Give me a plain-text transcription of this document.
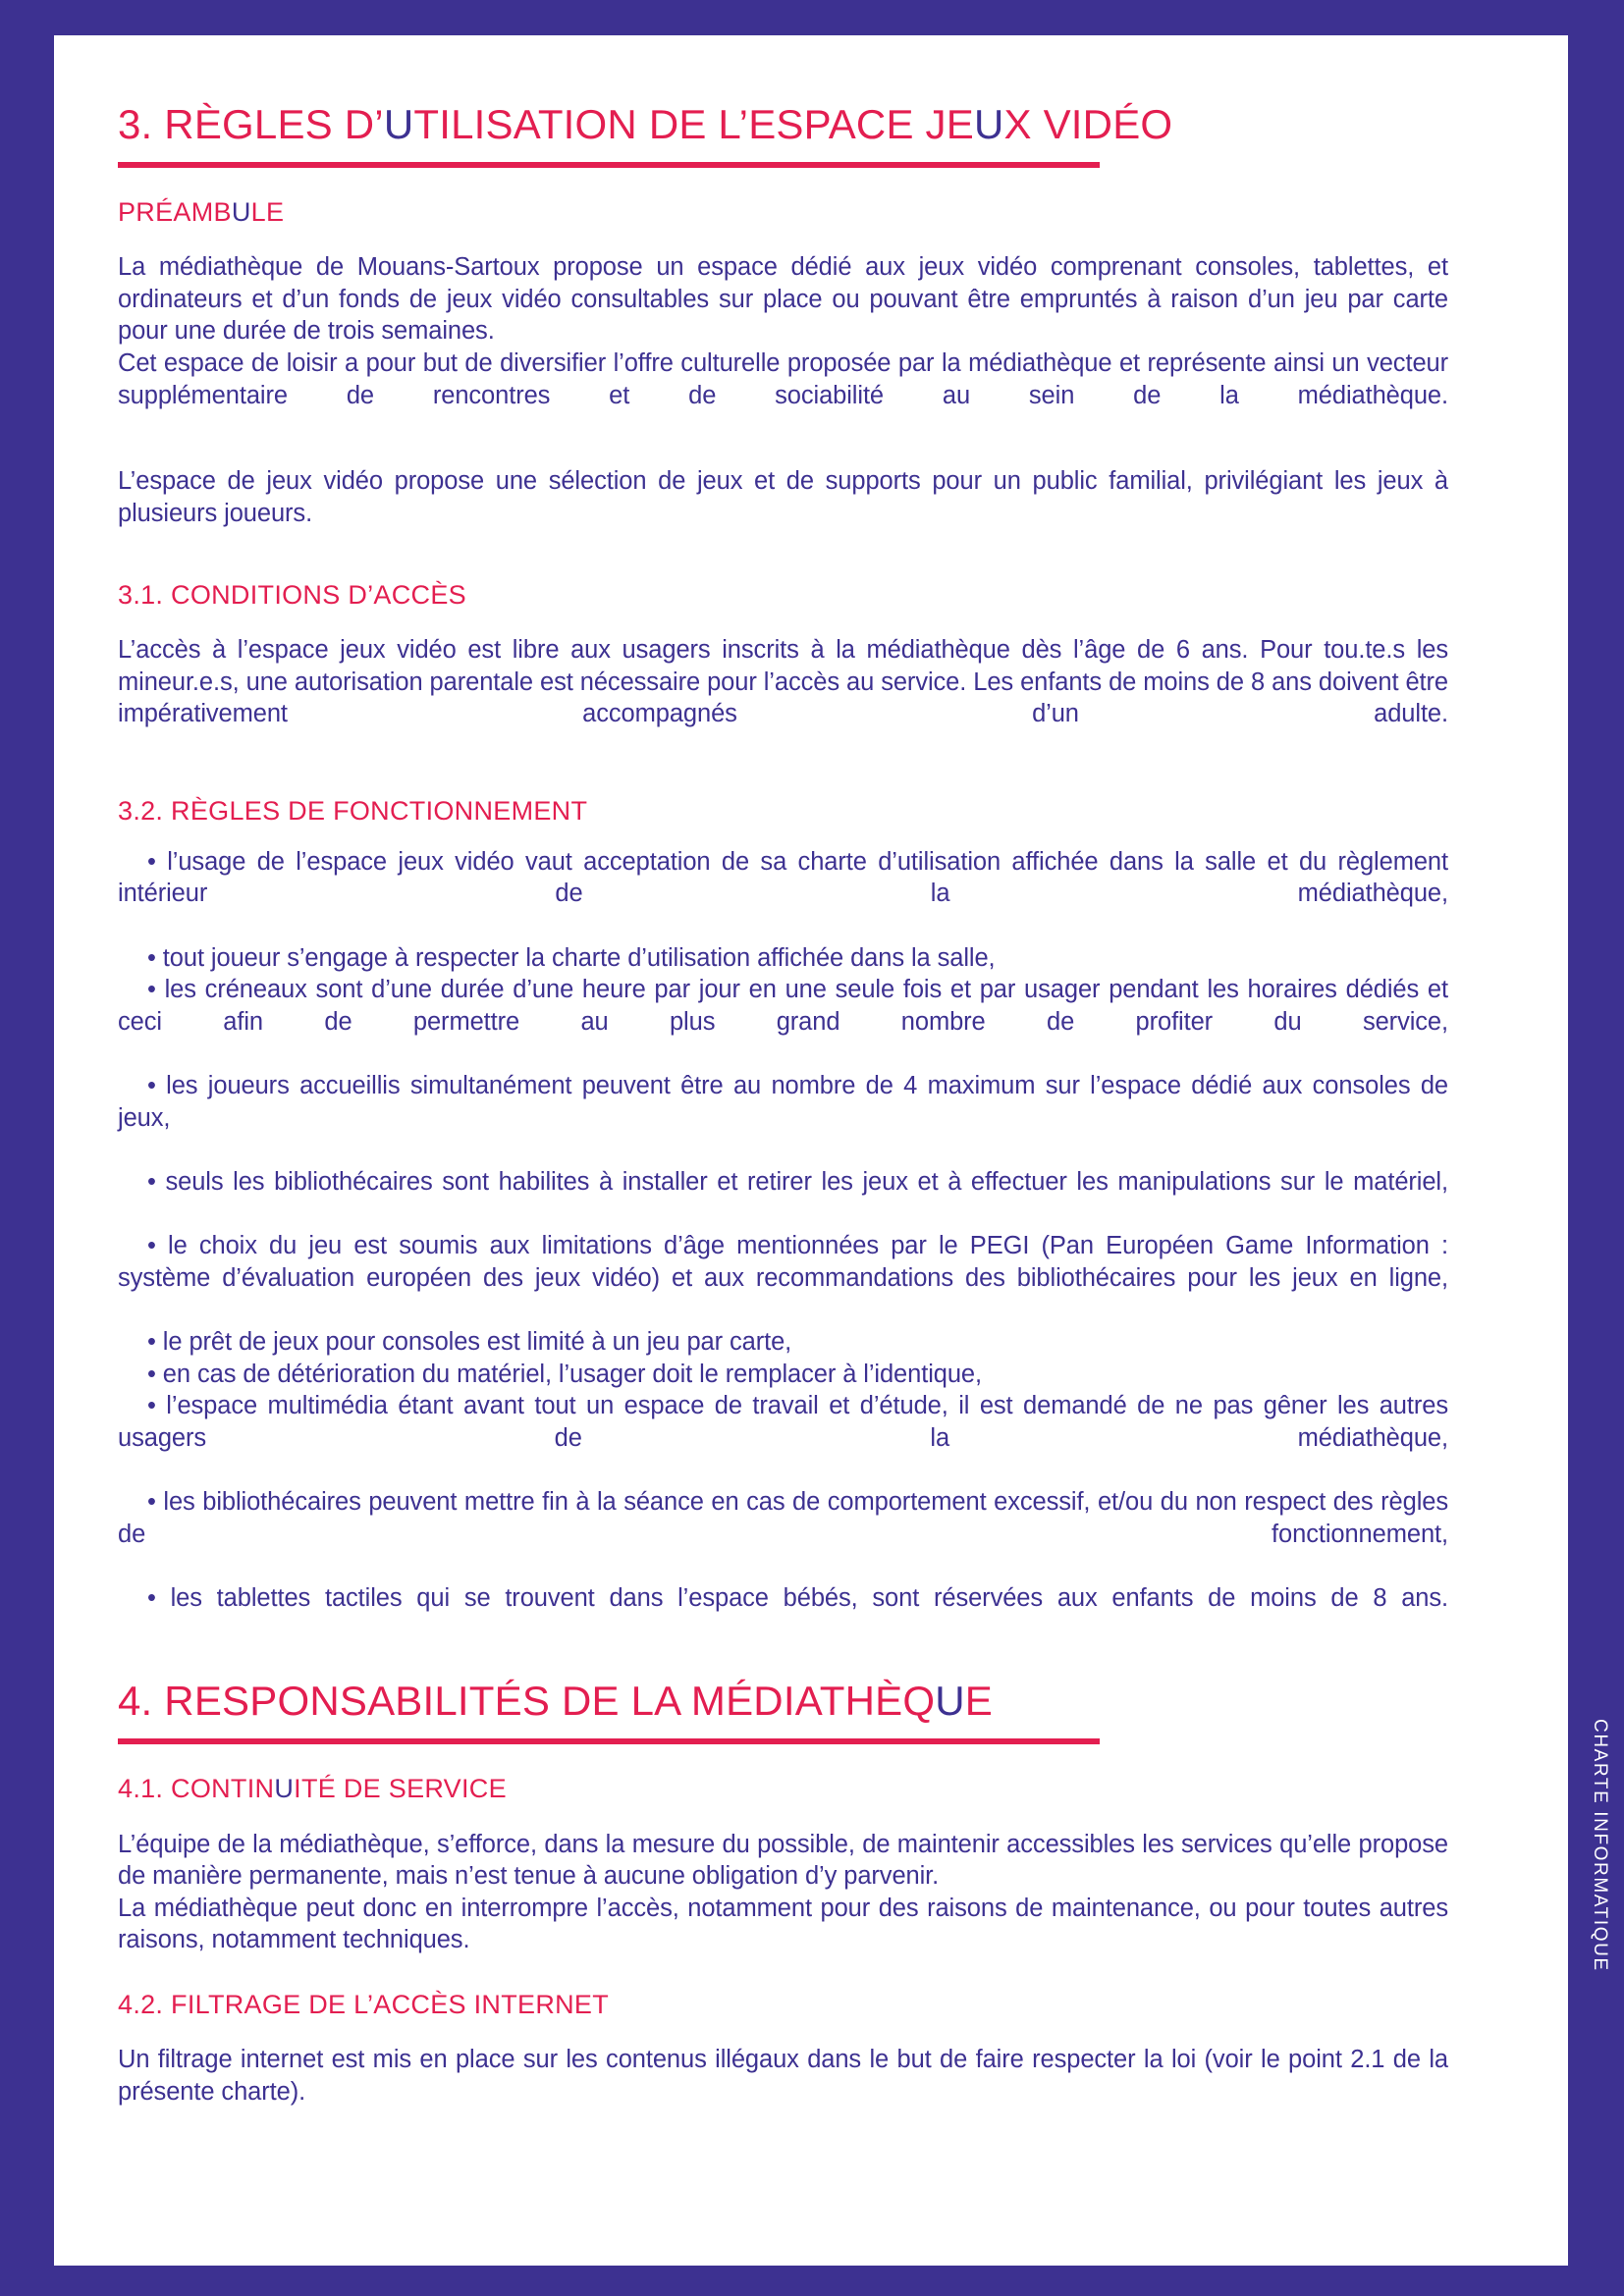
CHARTE INFORMATIQUE
3. RÈGLES D’UTILISATION DE L’ESPACE JEUX VIDÉO
PRÉAMBULE

La médiathèque de Mouans-Sartoux propose un espace dédié aux jeux vidéo comprenant consoles, tablettes, et ordinateurs et d’un fonds de jeux vidéo consultables sur place ou pouvant être empruntés à raison d’un jeu par carte pour une durée de trois semaines.

Cet espace de loisir a pour but de diversifier l’offre culturelle proposée par la médiathèque et représente ainsi un vecteur supplémentaire de rencontres et de sociabilité au sein de la médiathèque.

L’espace de jeux vidéo propose une sélection de jeux et de supports pour un public familial, privilégiant les jeux à plusieurs joueurs.

3.1. CONDITIONS D’ACCÈS

L’accès à l’espace jeux vidéo est libre aux usagers inscrits à la médiathèque dès l’âge de 6 ans. Pour tou.te.s les mineur.e.s, une autorisation parentale est nécessaire pour l’accès au service. Les enfants de moins de 8 ans doivent être impérativement accompagnés d’un adulte.

3.2. RÈGLES DE FONCTIONNEMENT
• l’usage de l’espace jeux vidéo vaut acceptation de sa charte d’utilisation affichée dans la salle et du règlement intérieur de la médiathèque,
• tout joueur s’engage à respecter la charte d’utilisation affichée dans la salle,
• les créneaux sont d’une durée d’une heure par jour en une seule fois et par usager pendant les horaires dédiés et ceci afin de permettre au plus grand nombre de profiter du service,
• les joueurs accueillis simultanément peuvent être au nombre de 4 maximum sur l’espace dédié aux consoles de jeux,
• seuls les bibliothécaires sont habilites à installer et retirer les jeux et à effectuer les manipulations sur le matériel,
• le choix du jeu est soumis aux limitations d’âge mentionnées par le PEGI (Pan Européen Game Information : système d’évaluation européen des jeux vidéo) et aux recommandations des bibliothécaires pour les jeux en ligne,
• le prêt de jeux pour consoles est limité à un jeu par carte,
• en cas de détérioration du matériel, l’usager doit le remplacer à l’identique,
• l’espace multimédia étant avant tout un espace de travail et d’étude, il est demandé de ne pas gêner les autres usagers de la médiathèque,
• les bibliothécaires peuvent mettre fin à la séance en cas de comportement excessif, et/ou du non respect des règles de fonctionnement,
• les tablettes tactiles qui se trouvent dans l’espace bébés, sont réservées aux enfants de moins de 8 ans.
4. RESPONSABILITÉS DE LA MÉDIATHÈQUE
4.1. CONTINUITÉ DE SERVICE

L’équipe de la médiathèque, s’efforce, dans la mesure du possible, de maintenir accessibles les services qu’elle propose de manière permanente, mais n’est tenue à aucune obligation d’y parvenir.

La médiathèque peut donc en interrompre l’accès, notamment pour des raisons de maintenance, ou pour toutes autres raisons, notamment techniques.

4.2. FILTRAGE DE L’ACCÈS INTERNET

Un filtrage internet est mis en place sur les contenus illégaux dans le but de faire respecter la loi (voir le point 2.1 de la présente charte).
